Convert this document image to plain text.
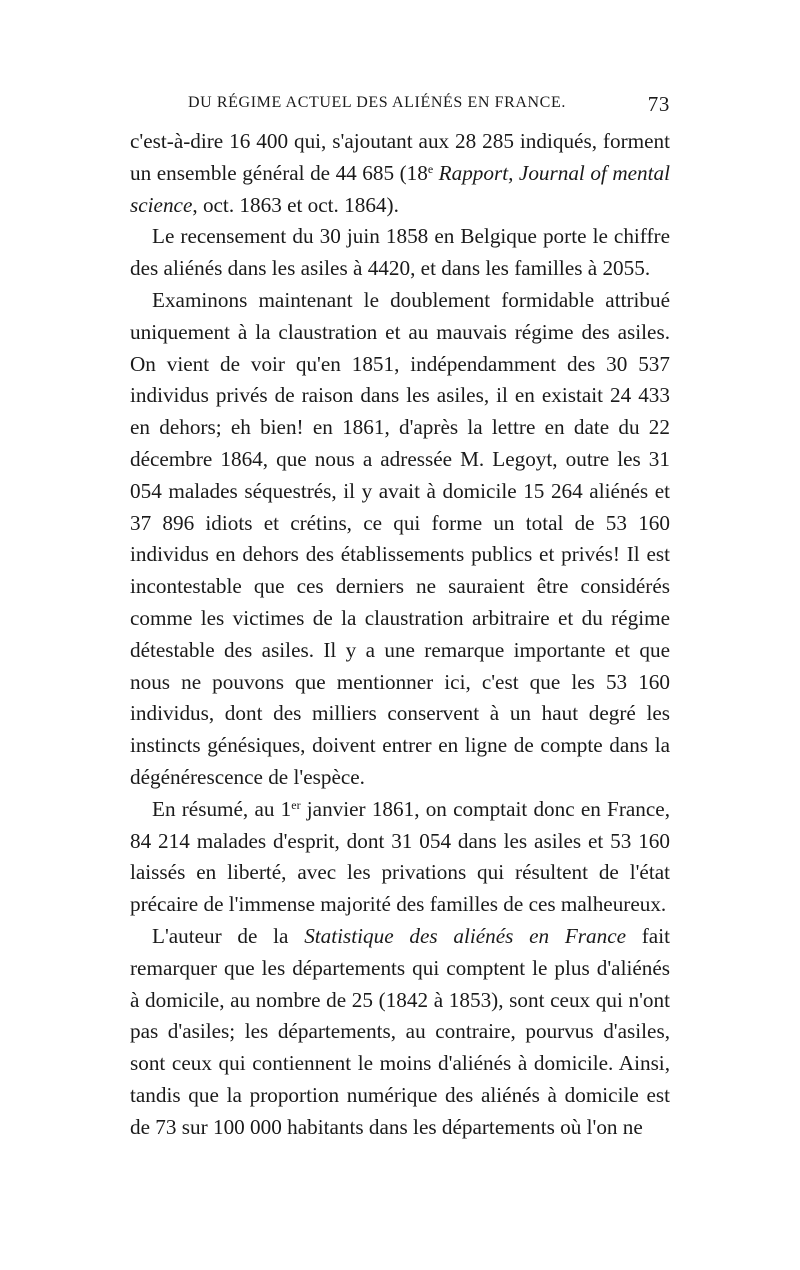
DU RÉGIME ACTUEL DES ALIÉNÉS EN FRANCE.	73

c'est-à-dire 16 400 qui, s'ajoutant aux 28 285 indiqués, forment un ensemble général de 44 685 (18e Rapport, Journal of mental science, oct. 1863 et oct. 1864).

Le recensement du 30 juin 1858 en Belgique porte le chiffre des aliénés dans les asiles à 4420, et dans les familles à 2055.

Examinons maintenant le doublement formidable attribué uniquement à la claustration et au mauvais régime des asiles. On vient de voir qu'en 1851, indépendamment des 30 537 individus privés de raison dans les asiles, il en existait 24 433 en dehors; eh bien! en 1861, d'après la lettre en date du 22 décembre 1864, que nous a adressée M. Legoyt, outre les 31 054 malades séquestrés, il y avait à domicile 15 264 aliénés et 37 896 idiots et crétins, ce qui forme un total de 53 160 individus en dehors des établissements publics et privés! Il est incontestable que ces derniers ne sauraient être considérés comme les victimes de la claustration arbitraire et du régime détestable des asiles. Il y a une remarque importante et que nous ne pouvons que mentionner ici, c'est que les 53 160 individus, dont des milliers conservent à un haut degré les instincts génésiques, doivent entrer en ligne de compte dans la dégénérescence de l'espèce.

En résumé, au 1er janvier 1861, on comptait donc en France, 84 214 malades d'esprit, dont 31 054 dans les asiles et 53 160 laissés en liberté, avec les privations qui résultent de l'état précaire de l'immense majorité des familles de ces malheureux.

L'auteur de la Statistique des aliénés en France fait remarquer que les départements qui comptent le plus d'aliénés à domicile, au nombre de 25 (1842 à 1853), sont ceux qui n'ont pas d'asiles; les départements, au contraire, pourvus d'asiles, sont ceux qui contiennent le moins d'aliénés à domicile. Ainsi, tandis que la proportion numérique des aliénés à domicile est de 73 sur 100 000 habitants dans les départements où l'on ne
